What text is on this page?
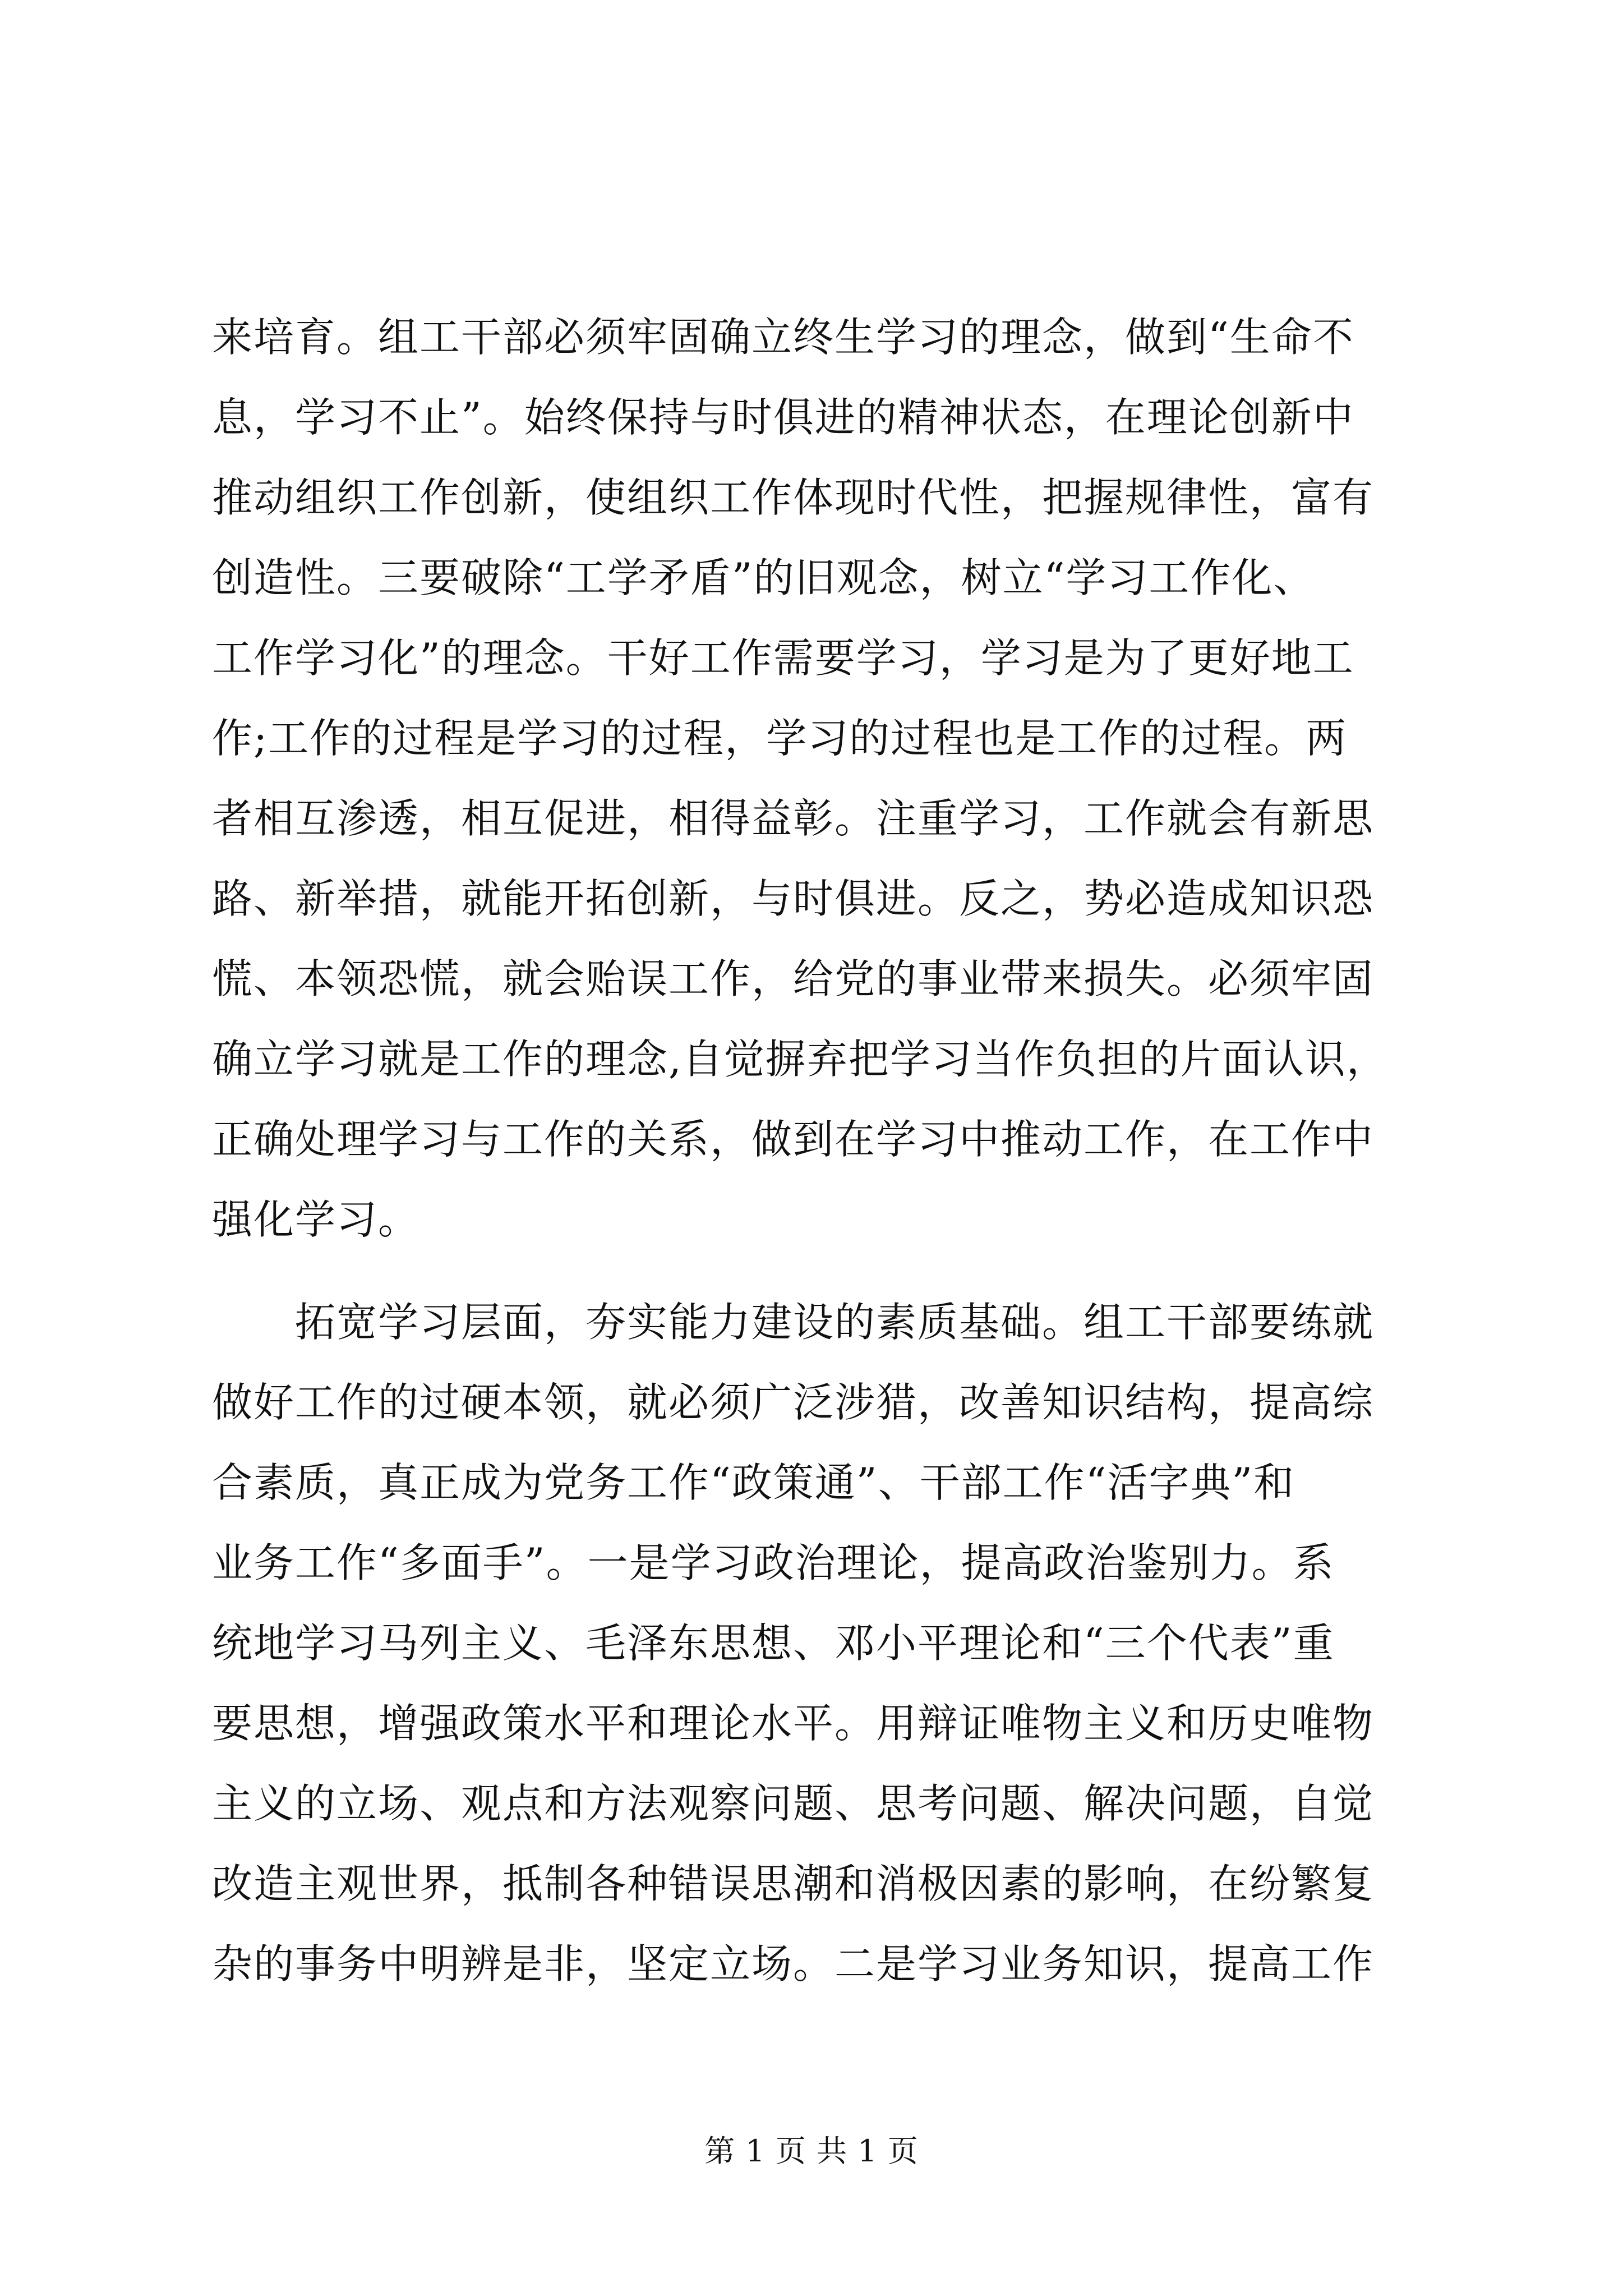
来培育。组工干部必须牢固确立终生学习的理念，做到“生命不
息，学习不止”。始终保持与时俱进的精神状态，在理论创新中
推动组织工作创新，使组织工作体现时代性，把握规律性，富有
创造性。三要破除“工学矛盾”的旧观念，树立“学习工作化、
工作学习化”的理念。干好工作需要学习，学习是为了更好地工
作;工作的过程是学习的过程，学习的过程也是工作的过程。两
者相互渗透，相互促进，相得益彰。注重学习，工作就会有新思
路、新举措，就能开拓创新，与时俱进。反之，势必造成知识恐
慌、本领恐慌，就会贻误工作，给党的事业带来损失。必须牢固
确立学习就是工作的理念,自觉摒弃把学习当作负担的片面认识，
正确处理学习与工作的关系，做到在学习中推动工作，在工作中
强化学习。
拓宽学习层面，夯实能力建设的素质基础。组工干部要练就
做好工作的过硬本领，就必须广泛涉猎，改善知识结构，提高综
合素质，真正成为党务工作“政策通”、干部工作“活字典”和
业务工作“多面手”。一是学习政治理论，提高政治鉴别力。系
统地学习马列主义、毛泽东思想、邓小平理论和“三个代表”重
要思想，增强政策水平和理论水平。用辩证唯物主义和历史唯物
主义的立场、观点和方法观察问题、思考问题、解决问题，自觉
改造主观世界，抵制各种错误思潮和消极因素的影响，在纷繁复
杂的事务中明辨是非，坚定立场。二是学习业务知识，提高工作
第 1 页 共 1 页
